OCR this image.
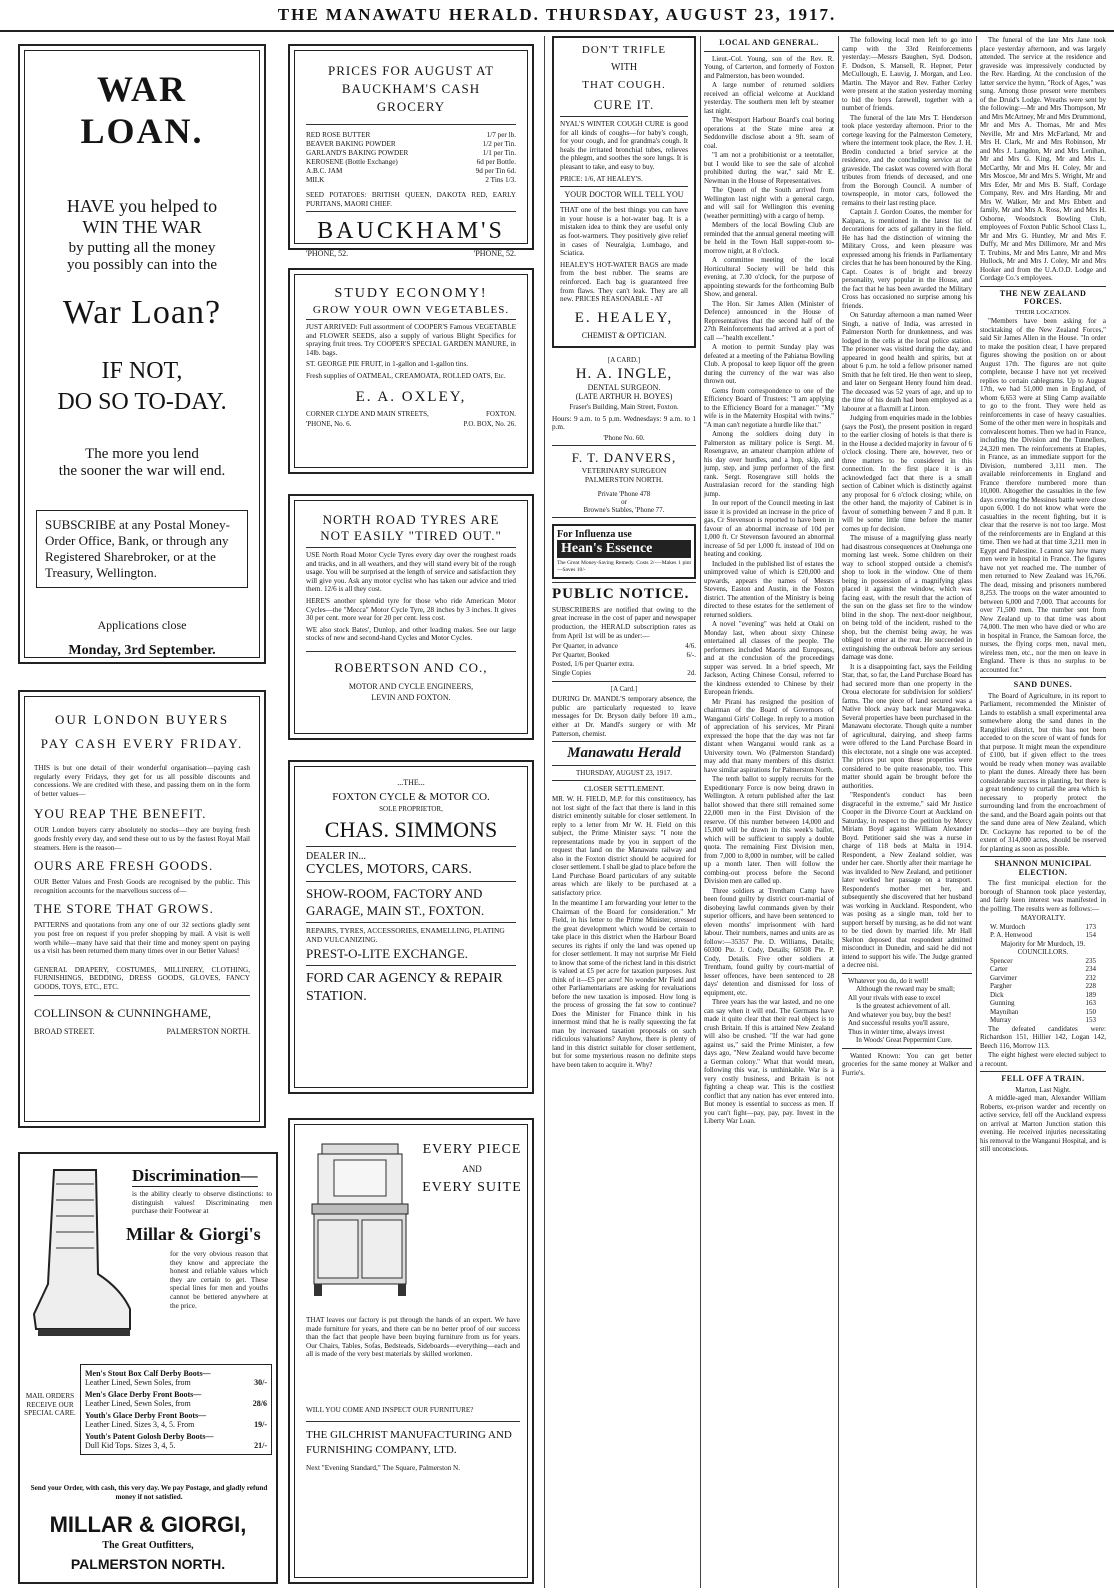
THE MANAWATU HERALD. THURSDAY, AUGUST 23, 1917.
WAR LOAN.
HAVE you helped to
WIN THE WAR
by putting all the money
you possibly can into the
War Loan?
IF NOT,
DO SO TO-DAY.
The more you lend
the sooner the war will end.
SUBSCRIBE at any Postal Money-Order Office, Bank, or through any Registered Sharebroker, or at the Treasury, Wellington.
Applications close
Monday, 3rd September.
OUR LONDON BUYERS
PAY CASH EVERY FRIDAY.
THIS is but one detail of their wonderful organisation—paying cash regularly every Fridays, they get for us all possible discounts and concessions. We are credited with these, and passing them on in the form of better values—
YOU REAP THE BENEFIT.
OUR London buyers carry absolutely no stocks—they are buying fresh goods freshly every day, and send these out to us by the fastest Royal Mail steamers. Here is the reason—
OURS ARE FRESH GOODS.
OUR Better Values and Fresh Goods are recognised by the public. This recognition accounts for the marvellous success of—
THE STORE THAT GROWS.
PATTERNS and quotations from any one of our 32 sections gladly sent you post free on request if you prefer shopping by mail. A visit is well worth while—many have said that their time and money spent on paying us a visit has been returned them many times over in our Better Values!
GENERAL DRAPERY, COSTUMES, MILLINERY, CLOTHING, FURNISHINGS, BEDDING, DRESS GOODS, GLOVES, FANCY GOODS, TOYS, ETC., ETC.
COLLINSON & CUNNINGHAME,
BROAD STREET.	PALMERSTON NORTH.
Discrimination—
is the ability clearly to observe distinctions: to distinguish values! Discriminating men purchase their Footwear at
Millar & Giorgi's
for the very obvious reason that they know and appreciate the honest and reliable values which they are certain to get. These special lines for men and youths cannot be bettered anywhere at the price.
Men's Stout Box Calf Derby Boots—
Leather Lined, Sewn Soles, from	30/-
Men's Glace Derby Front Boots—
Leather Lined, Sewn Soles, from	28/6
Youth's Glace Derby Front Boots—
Leather Lined. Sizes 3, 4, 5. From	19/-
Youth's Patent Golosh Derby Boots—
Dull Kid Tops. Sizes 3, 4, 5.	21/-
MAIL ORDERS RECEIVE OUR SPECIAL CARE.
Send your Order, with cash, this very day. We pay Postage, and gladly refund money if not satisfied.
MILLAR & GIORGI,
The Great Outfitters,
PALMERSTON NORTH.
PRICES FOR AUGUST AT BAUCKHAM'S CASH GROCERY
RED ROSE BUTTER	1/7 per lb.
BEAVER BAKING POWDER	1/2 per Tin.
GARLAND'S BAKING POWDER	1/1 per Tin.
KEROSENE (Bottle Exchange)	6d per Bottle.
A.B.C. JAM	9d per Tin 6d.
MILK	2 Tins 1/3.
SEED POTATOES: BRITISH QUEEN, DAKOTA RED, EARLY PURITANS, MAORI CHIEF.
BAUCKHAM'S
'PHONE, 52.	'PHONE, 52.
STUDY ECONOMY!
GROW YOUR OWN VEGETABLES.
JUST ARRIVED: Full assortment of COOPER'S Famous VEGETABLE and FLOWER SEEDS, also a supply of various Blight Specifics for spraying fruit trees. Try COOPER'S SPECIAL GARDEN MANURE, in 14lb. bags.
ST. GEORGE PIE FRUIT, in 1-gallon and 1-gallon tins.
Fresh supplies of OATMEAL, CREAMOATA, ROLLED OATS, Etc.
E. A. OXLEY,
CORNER CLYDE AND MAIN STREETS,	FOXTON.
'PHONE, No. 6.	P.O. BOX, No. 26.
NORTH ROAD TYRES ARE
NOT EASILY "TIRED OUT."
USE North Road Motor Cycle Tyres every day over the roughest roads and tracks, and in all weathers, and they will stand every bit of the rough usage. You will be surprised at the length of service and satisfaction they will give you. Ask any motor cyclist who has taken our advice and tried them. 12/6 is all they cost.
HERE'S another splendid tyre for those who ride American Motor Cycles—the "Mecca" Motor Cycle Tyre, 28 inches by 3 inches. It gives 30 per cent. more wear for 20 per cent. less cost.
WE also stock Bates', Dunlop, and other leading makes. See our large stocks of new and second-hand Cycles and Motor Cycles.
ROBERTSON AND CO.,
MOTOR AND CYCLE ENGINEERS,
LEVIN AND FOXTON.
...THE...
FOXTON CYCLE & MOTOR CO.
SOLE PROPRIETOR,
CHAS. SIMMONS
DEALER IN...
CYCLES, MOTORS, CARS.
SHOW-ROOM, FACTORY AND GARAGE, MAIN ST., FOXTON.
REPAIRS, TYRES, ACCESSORIES, ENAMELLING, PLATING AND VULCANIZING.
PREST-O-LITE EXCHANGE.
FORD CAR AGENCY & REPAIR STATION.
EVERY PIECE
AND
EVERY SUITE
THAT leaves our factory is put through the hands of an expert. We have made furniture for years, and there can be no better proof of our success than the fact that people have been buying furniture from us for years. Our Chairs, Tables, Sofas, Bedsteads, Sideboards—everything—each and all is made of the very best materials by skilled workmen.
WILL YOU COME AND INSPECT OUR FURNITURE?
THE GILCHRIST MANUFACTURING AND FURNISHING COMPANY, LTD.
Next "Evening Standard," The Square, Palmerston N.
DON'T TRIFLE
WITH
THAT COUGH.
CURE IT.
NYAL'S WINTER COUGH CURE is good for all kinds of coughs—for baby's cough, for your cough, and for grandma's cough. It heals the irritated bronchial tubes, relieves the phlegm, and soothes the sore lungs. It is pleasant to take, and easy to buy.
PRICE: 1/6, AT HEALEY'S.
YOUR DOCTOR WILL TELL YOU
THAT one of the best things you can have in your house is a hot-water bag. It is a mistaken idea to think they are useful only as foot-warmers. They positively give relief in cases of Neuralgia, Lumbago, and Sciatica.
HEALEY'S HOT-WATER BAGS are made from the best rubber. The seams are reinforced. Each bag is guaranteed free from flaws. They can't leak. They are all new. PRICES REASONABLE - AT
E. HEALEY,
CHEMIST & OPTICIAN.
[A CARD.]
H. A. INGLE,
DENTAL SURGEON.
(LATE ARTHUR H. BOYES)
Fraser's Building, Main Street, Foxton.
Hours: 9 a.m. to 5 p.m. Wednesdays: 9 a.m. to 1 p.m.
'Phone No. 60.
F. T. DANVERS,
VETERINARY SURGEON
PALMERSTON NORTH.
Private 'Phone 478
or
Browne's Stables, 'Phone 77.
For Influenza use
Hean's Essence
The Great Money-Saving Remedy. Costs 2/-—Makes 1 pint—Saves 10/-
PUBLIC NOTICE.
SUBSCRIBERS are notified that owing to the great increase in the cost of paper and newspaper production, the HERALD subscription rates as from April 1st will be as under:—
Per Quarter, in advance	4/6.
Per Quarter, Booked	6/-.
Posted, 1/6 per Quarter extra.
Single Copies	2d.
[A Card.]
DURING Dr. MANDL'S temporary absence, the public are particularly requested to leave messages for Dr. Bryson daily before 10 a.m., either at Dr. Mandl's surgery or with Mr Patterson, chemist.
Manawatu Herald
THURSDAY, AUGUST 23, 1917.
CLOSER SETTLEMENT.
MR. W. H. FIELD, M.P. for this constituency, has not lost sight of the fact that there is land in this district eminently suitable for closer settlement. In reply to a letter from Mr W. H. Field on this subject, the Prime Minister says: "I note the representations made by you in support of the request that land on the Manawatu railway and also in the Foxton district should be acquired for closer settlement. I shall be glad to place before the Land Purchase Board particulars of any suitable areas which are likely to be purchased at a satisfactory price.
In the meantime I am forwarding your letter to the Chairman of the Board for consideration." Mr Field, in his letter to the Prime Minister, stressed the great development which would be certain to take place in this district when the Harbour Board secures its rights if only the land was opened up for closer settlement. It may not surprise Mr Field to know that some of the richest land in this district is valued at £5 per acre for taxation purposes. Just think of it—£5 per acre! No wonder Mr Field and other Parliamentarians are asking for revaluations before the new taxation is imposed. How long is the process of grossing the fat sow to continue? Does the Minister for Finance think in his innermost mind that he is really squeezing the fat man by increased taxation proposals on such ridiculous valuations? Anyhow, there is plenty of land in this district suitable for closer settlement, but for some mysterious reason no definite steps have been taken to acquire it. Why?
LOCAL AND GENERAL.

Lieut.-Col. Young, son of the Rev. R. Young, of Carterton, and formerly of Foxton and Palmerston, has been wounded.

A large number of returned soldiers received an official welcome at Auckland yesterday. The southern men left by steamer last night.

The Westport Harbour Board's coal boring operations at the State mine area at Seddonville disclose about a 9ft. seam of coal.

"I am not a prohibitionist or a teetotaller, but I would like to see the sale of alcohol prohibited during the war," said Mr E. Newman in the House of Representatives.

The Queen of the South arrived from Wellington last night with a general cargo, and will sail for Wellington this evening (weather permitting) with a cargo of hemp.

Members of the local Bowling Club are reminded that the annual general meeting will be held in the Town Hall supper-room to-morrow night, at 8 o'clock.

A committee meeting of the local Horticultural Society will be held this evening, at 7.30 o'clock, for the purpose of appointing stewards for the forthcoming Bulb Show, and general.

The Hon. Sir James Allen (Minister of Defence) announced in the House of Representatives that the second half of the 27th Reinforcements had arrived at a port of call —"health excellent."

A motion to permit Sunday play was defeated at a meeting of the Pahiatua Bowling Club. A proposal to keep liquor off the green during the currency of the war was also thrown out.

Gems from correspondence to one of the Efficiency Board of Trustees: "I am applying to the Efficiency Board for a manager." "My wife is in the Maternity Hospital with twins." "A man can't negotiate a hurdle like that."

Among the soldiers doing duty in Palmerston as military police is Sergt. M. Rosengrave, an amateur champion athlete of his day over hurdles, and a hop, skip, and jump, step, and jump performer of the first rank. Sergt. Rosengrave still holds the Australasian record for the standing high jump.

In our report of the Council meeting in last issue it is provided an increase in the price of gas, Cr Stevenson is reported to have been in favour of an abnormal increase of 10d per 1,000 ft. Cr Stevenson favoured an abnormal increase of 5d per 1,000 ft. instead of 10d on heating and cooking.

Included in the published list of estates the unimproved value of which is £20,000 and upwards, appears the names of Messrs Stevens, Easton and Austin, in the Foxton district. The attention of the Ministry is being directed to these estates for the settlement of returned soldiers.

A novel "evening" was held at Otaki on Monday last, when about sixty Chinese entertained all classes of the people. The performers included Maoris and Europeans, and at the conclusion of the proceedings supper was served. In a brief speech, Mr Jackson, Acting Chinese Consul, referred to the kindness extended to Chinese by their European friends.

Mr Pirani has resigned the position of chairman of the Board of Governors of Wanganui Girls' College. In reply to a motion of appreciation of his services, Mr Pirani expressed the hope that the day was not far distant when Wanganui would rank as a University town. Wo (Palmerston Standard) may add that many members of this district have similar aspirations for Palmerston North.

The tenth ballot to supply recruits for the Expeditionary Force is now being drawn in Wellington. A return published after the last ballot showed that there still remained some 22,000 men in the First Division of the reserve. Of this number between 14,000 and 15,000 will be drawn in this week's ballot, which will be sufficient to supply a double quota. The remaining First Division men, from 7,000 to 8,000 in number, will be called up a month later. Then will follow the combing-out process before the Second Division men are called up.

Three soldiers at Trentham Camp have been found guilty by district court-martial of disobeying lawful commands given by their superior officers, and have been sentenced to eleven months' imprisonment with hard labour. Their numbers, names and units are as follow:—35357 Pte. D. Williams, Details; 60300 Pte. J. Cody, Details; 60508 Pte. P. Cody, Details. Five other soldiers at Trentham, found guilty by court-martial of lesser offences, have been sentenced to 28 days' detention and dismissed for loss of equipment, etc.

Three years has the war lasted, and no one can say when it will end. The Germans have made it quite clear that their real object is to crush Britain. If this is attained New Zealand will also be crushed. "If the war had gone against us," said the Prime Minister, a few days ago, "New Zealand would have become a German colony." What that would mean, following this war, is unthinkable. War is a very costly business, and Britain is not fighting a cheap war. This is the costliest conflict that any nation has ever entered into. But money is essential to success as men. If you can't fight—pay, pay, pay. Invest in the Liberty War Loan.

The following local men left to go into camp with the 33rd Reinforcements yesterday:—Messrs Baughen, Syd. Dodson, F. Dodson, S. Mansell, R. Hepner, Peter McCullough, E. Lauvig, J. Morgan, and Leo. Martin. The Mayor and Rev. Father Cerley were present at the station yesterday morning to bid the boys farewell, together with a number of friends.

The funeral of the late Mrs T. Henderson took place yesterday afternoon. Prior to the cortege leaving for the Palmerston Cemetery, where the interment took place, the Rev. J. H. Bredin conducted a brief service at the residence, and the concluding service at the graveside. The casket was covered with floral tributes from friends of deceased, and one from the Borough Council. A number of townspeople, in motor cars, followed the remains to their last resting place.

Captain J. Gordon Coates, the member for Kaipara, is mentioned in the latest list of decorations for acts of gallantry in the field. He has had the distinction of winning the Military Cross, and keen pleasure was expressed among his friends in Parliamentary circles that he has been honoured by the King. Capt. Coates is of bright and breezy personality, very popular in the House, and the fact that he has been awarded the Military Cross has occasioned no surprise among his friends.

On Saturday afternoon a man named Weer Singh, a native of India, was arrested in Palmerston North for drunkenness, and was lodged in the cells at the local police station. The prisoner was visited during the day, and appeared in good health and spirits, but at about 6 p.m. he told a fellow prisoner named Smith that he felt tired. He then went to sleep, and later on Sergeant Henry found him dead. The deceased was 52 years of age, and up to the time of his death had been employed as a labourer at a flaxmill at Linton.

Judging from enquiries made in the lobbies (says the Post), the present position in regard to the earlier closing of hotels is that there is in the House a decided majority in favour of 6 o'clock closing. There are, however, two or three matters to be considered in this connection. In the first place it is an acknowledged fact that there is a small section of Cabinet which is distinctly against any proposal for 6 o'clock closing; while, on the other hand, the majority of Cabinet is in favour of something between 7 and 8 p.m. It will be some little time before the matter comes up for decision.

The misuse of a magnifying glass nearly had disastrous consequences at Onehunga one morning last week. Some children on their way to school stopped outside a chemist's shop to look in the window. One of them being in possession of a magnifying glass placed it against the window, which was facing east, with the result that the action of the sun on the glass set fire to the window blind in the shop. The next-door neighbour, on being told of the incident, rushed to the shop, but the chemist being away, he was obliged to enter at the rear. He succeeded in extinguishing the outbreak before any serious damage was done.

It is a disappointing fact, says the Feilding Star, that, so far, the Land Purchase Board has had secured more than one property in the Oroua electorate for subdivision for soldiers' farms. The one piece of land secured was a Native block away back near Mangaweka. Several properties have been purchased in the Manawatu electorate. Though quite a number of agricultural, dairying, and sheep farms were offered to the Land Purchase Board in this electorate, not a single one was accepted. The prices put upon these properties were considered to be quite reasonable, too. This matter should again be brought before the authorities.

"Respondent's conduct has been disgraceful in the extreme," said Mr Justice Cooper in the Divorce Court at Auckland on Saturday, in respect to the petition by Mercy Miriam Boyd against William Alexander Boyd. Petitioner said she was a nurse in charge of 118 beds at Malta in 1914. Respondent, a New Zealand soldier, was under her care. Shortly after their marriage he was invalided to New Zealand, and petitioner later worked her passage on a transport. Respondent's mother met her, and subsequently she discovered that her husband was working in Auckland. Respondent, who was posing as a single man, told her to support herself by nursing, as he did not want to be tied down by married life. Mr Hall Skelton deposed that respondent admitted misconduct in Dunedin, and said he did not intend to support his wife. The Judge granted a decree nisi.

Whatever you do, do it well!
Although the reward may be small;
All your rivals with ease to excel
Is the greatest achievement of all.
And whatever you buy, buy the best!
And successful results you'll assure,
Thus in winter time, always invest
In Woods' Great Peppermint Cure.

Wanted Known: You can get better groceries for the same money at Walker and Furrie's.

The funeral of the late Mrs Jane took place yesterday afternoon, and was largely attended. The service at the residence and graveside was impressively conducted by the Rev. Harding. At the conclusion of the latter service the hymn, "Rock of Ages," was sung. Among those present were members of the Druid's Lodge. Wreaths were sent by the following:—Mr and Mrs Thompson, Mr and Mrs McArtney, Mr and Mrs Drummond, Mr and Mrs A. Thomas, Mr and Mrs Neville, Mr and Mrs McFarland, Mr and Mrs H. Clark, Mr and Mrs Robinson, Mr and Mrs J. Langdon, Mr and Mrs Lenihan, Mr and Mrs G. King, Mr and Mrs L. McCarthy, Mr and Mrs H. Coley, Mr and Mrs Moscoe, Mr and Mrs S. Wright, Mr and Mrs Eder, Mr and Mrs B. Staff, Cordage Company, Rev. and Mrs Harding, Mr and Mrs W. Walker, Mr and Mrs Ebbett and family, Mr and Mrs A. Ross, Mr and Mrs H. Osborne, Woodstock Bowling Club, employees of Foxton Public School Class L, Mr and Mrs G. Huntley, Mr and Mrs F. Duffy, Mr and Mrs Dillimore, Mr and Mrs T. Trubins, Mr and Mrs Lanre, Mr and Mrs Hullock, Mr and Mrs J. Coley, Mr and Mrs Hooker and from the U.A.O.D. Lodge and Cordage Co.'s employees.

THE NEW ZEALAND FORCES.
THEIR LOCATION.

"Members have been asking for a stocktaking of the New Zealand Forces," said Sir James Allen in the House. "In order to make the position clear, I have prepared figures showing the position on or about August 17th. The figures are not quite complete, because I have not yet received replies to certain cablegrams. Up to August 17th, we had 51,000 men in England, of whom 6,653 were at Sling Camp available to go to the front. They were held as reinforcements in case of heavy casualties. Some of the other men were in hospitals and convalescent homes. Then we had in France, including the Division and the Tunnellers, 24,320 men. The reinforcements at Etaples, in France, as an immediate support for the Division, numbered 3,111 men. The available reinforcements in England and France therefore numbered more than 10,000. Altogether the casualties in the few days covering the Messines battle were close upon 6,000. I do not know what were the casualties in the recent fighting, but it is clear that the reserve is not too large. Most of the reinforcements are in England at this time. Then we had at that time 3,211 men in Egypt and Palestine. I cannot say how many men were in hospital in France. The figures have not yet reached me. The number of men returned to New Zealand was 16,766. The dead, missing and prisoners numbered 8,253. The troops on the water amounted to between 6,000 and 7,000. That accounts for over 71,500 men. The number sent from New Zealand up to that time was about 74,000. The men who have died or who are in hospital in France, the Samoan force, the nurses, the flying corps men, naval men, wireless men, etc., nor the men on leave in England. There is thus no surplus to be accounted for."

SAND DUNES.

The Board of Agriculture, in its report to Parliament, recommended the Minister of Lands to establish a small experimental area somewhere along the sand dunes in the Rangitikei district, but this has not been acceded to on the score of want of funds for that purpose. It might mean the expenditure of £100, but if given effect to the trees would be ready when money was available to plant the dunes. Already there has been considerable success in planting, but there is a great tendency to curtail the area which is necessary to properly protect the surrounding land from the encroachment of the sand, and the Board again points out that the sand dune area of New Zealand, which Dr. Cockayne has reported to be of the extent of 314,000 acres, should be reserved for planting as soon as possible.

SHANNON MUNICIPAL ELECTION.

The first municipal election for the borough of Shannon took place yesterday, and fairly keen interest was manifested in the polling. The results were as follows:—

MAYORALTY.
W. Murdoch	173
P. A. Henwood	154
Majority for Mr Murdoch, 19.
COUNCILLORS.
Spencer	235
Carter	234
Garvimer	232
Pargher	228
Dick	189
Gunning	163
Maynihan	150
Murray	153

The defeated candidates were: Richardson 151, Hillier 142, Logan 142, Beech 116, Morrow 113.

The eight highest were elected subject to a recount.

FELL OFF A TRAIN.
Marton, Last Night.

A middle-aged man, Alexander William Roberts, ex-prison warder and recently on active service, fell off the Auckland express on arrival at Marton Junction station this evening. He received injuries necessitating his removal to the Wanganui Hospital, and is still unconscious.
